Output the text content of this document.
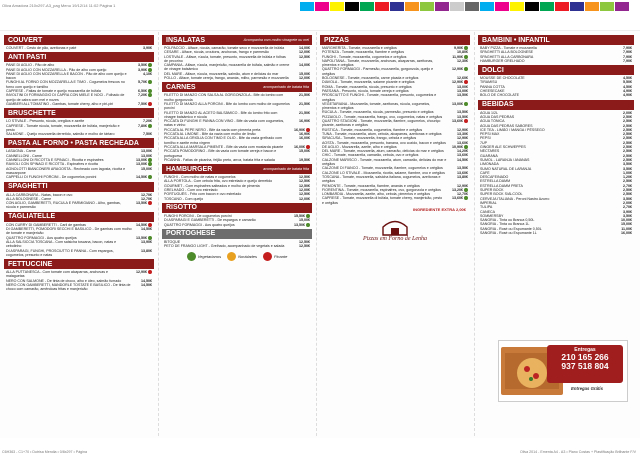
Oliva Amadora 210x297-A3_pag Menu 19/12/14 11:02 Página 1
COUVERT
COUVERT - Cesto de pão, azeitonas e paté	3,90€
ANTI PASTI
PANE DI AGLIO - Pão de alho	3,50€
PANE DI AGLIO CON MOZZARELLA - Pão de alho com queijo	3,90€
PANE DI AGLIO CON MOZZARELLA E BACON - Pão de alho com queijo e bacon
4,10€
FUNGHI AL FORNO CON MOZZARELLA E TIMO - Cogumelos frescos no forno com queijo e tomilho
5,70€
CAPRESE - Fatias de tomate e queijo mozzarella de búfala	6,50€
INVOLTINI DI FORMAGGIO DI CAPRA CON MIELE E NOCI - Folhado de queijo de cabra com mel e nozes
7,20€
GAMBERI ALL'TOMATINO - Gambas, tomate cherry, alho e piri-piri	7,50€
BRUSCHETTE
LO STIVALE - Presunto, rúcula, oregãos e azeite	7,20€
CAPRESE - Tomate rúcula, tomate, mozzarella de búfala, manjericão e pesto
7,80€
SALMONE - Queijo mozzarella derretido, salmão e molho de tártaro	7,50€
PASTA AL FORNO • PASTA RECHEADA
LASAGNA - Carne	13,00€
CANNELLONI - Carne	13,00€
CANNELLONI DI RICOTTA E SPINACI - Ricotta e espinafres	13,00€
RAVIOLI CON SPINACI E RICOTTA - Espinafres e ricotta	13,00€
AGNOLOTTI BIANCONERI ARAGOSTA - Recheado com lagosta, ricotta e mascarpone
15,00€
CAPPELLI DI FUNGHI PORCINI - De cogumelos porcini	14,50€
SPAGHETTI
ALLA CARBONARA - Natas, bacon e ovo	12,70€
ALLA BOLOGNESE - Carne	12,70€
CON AGLIO, GAMBERETTI, RUCULA E PARMIGIANO - Alho, gambas, rúcula e parmesão
13,50€
TAGLIATELLE
CON CURRY DI GAMBERETTI - Caril de gambas	14,50€
DI GAMBERETTI, POMODORI SECCHI E BASILICO - De gambas com molho de tomate e manjericão
14,50€
QUATTRO FORMAGGI - Aos quatro queijos	13,50€
ALLA SALSICCIA TOSCANA - Com salsicha toscana, bacon, natas e cebolinho
13,90€
DI ASPARAGI, FUNGHI, PROSCIUTTO E PANNA - Com espargos, cogumelos, presunto e natas
13,80€
FETTUCCINE
ALLA PUTTANESCA - Com tomate com alcaparras, anchovas e malaguetas
12,90€
NERO CON SALMONE - De tinta de choco, alho e óleo, salmão fumado	14,50€
NERO CON GAMBERETTI, MANDORLE TOSTATE E BASILICO - De tinta de choco com camarão, amêndoas fritas e manjericão
14,50€
INSALATAS	Acompanha com molho vinagrete ou mel
POLPACCIO - Alface, rúcula, camarão, tomate seco e mozzarella de búfala	14,00€
CESARE - Alface, rúcula, croutons, anchovas, frango e parmesão	12,00€
LOSTIVALE - Alface, rúcula, tomate, presunto, mozzarella de búfala e folhas de pecorino
12,50€
CAMPANIA - Alface, rúcula, manjericão, mozzarella de búfala, salmão e creme de vinagre balsâmico
14,00€
DEL MARE - Alface, rúcula, mozzarella, salmão, atum e delícias do mar	15,00€
POLLO - Alface, tomate cereja, frango, ananás, milho, parmesão e mozzarella	12,00€
CARNES	acompanhado de batata frita
FILETTO DI MANZO CON SALSA AL GORGONZOLA - Bife do lombo com molho gorgonzola
21,50€
FILETTO DI MANZO ALLA PORCINI - Bife do lombo com molho de cogumelos porcini
21,50€
FILETTO DI MANZO AL ACETO BALSÂMICO - Bife do lombo frito com vinagre balsâmico e rúcula
21,50€
PICCATA DI FUNGHI E PANNA CON VINO - Bife da vazia com cogumelos, natas e vinho
16,90€
PICCATA AL PEPE NERO - Bife da vazia com pimenta preta	16,90€
PICCATA AL LIMONE - Bife da vazia com molho de limão	16,90€
PICCATA ALLA GRIGLIA CON TIMO E OLIO - Bife da vazia grelhado com tomilho e azeite extra virgem
16,00€
PICCATA ALLA MARSALA PIMENTE - Bife da vazia com mostarda picante	16,00€
PICCATA POMODORINO - Bife da vazia com tomate cereja e bacon e portuguesa
15,00€
PICANHA - Fatias de picanha, feijão preto, arroz, batata frita e salada	19,50€
HAMBURGER	acompanhado de batata frita
FUNGHI - Com molho de natas e cogumelos	12,50€
ALLA PORTOLA - Com cebola frita, ovo estrelado e queijo derretido	12,50€
GOURMET - Com espinafres salteados e molho de pimenta	12,50€
GRELHADO - Com ovo estrelado	12,00€
PORTUGUÊS - Frito com bacon e ovo estrelado	12,50€
TOSCANO - Com queijo	12,00€
RISOTTO
FUNGHI PORCINI - De cogumelos porcini	15,50€
DI ASPARAGI E GAMBERETTI - De espargos e camarão	15,00€
QUATTRO FORMAGGI - Aos quatro queijos	13,50€
PORTOGHESE
BITOQUE	12,50€
PETO DE FRANGO LIGHT - Grelhado, acompanhado de vegetais e salada	12,50€
Vegetarianos	Novidades	Picante
PIZZAS
MARGHERITA - Tomate, mozzarella e orégãos	9,90€
POTENZA - Tomate, mozzarella, fiambre e orégãos	10,80€
FUNGHI - Tomate, mozzarella, cogumelos e orégãos	11,90€
NAPOLITANA - Tomate, mozzarella, anchovas, alcaparras, azeitonas, pimentos e orégãos
12,30€
QUATTRO FORMAGGI - Parmesão, mozzarella, gorgonzola, queijo e orégãos
12,90€
BOLOGNESE - Tomate, mozzarella, carne picada e orégãos	12,60€
DIAVOLA - Tomate, mozzarella, salame picante e orégãos	12,90€
ROMA - Tomate, mozzarella, rúcula, presunto e orégãos	13,00€
PAESANA - Presunto, rúcula, tomate cereja e orégãos	13,00€
PROSCIUTTO E FUNGHI - Tomate, mozzarella, presunto, cogumelos e orégãos
13,50€
VEGETARIANA - Mozzarella, tomate, azeitonas, rúcula, cogumelos, pimentos e orégãos
13,00€
RÚCULA - Tomate, mozzarella, rúcula, parmesão, presunto e orégãos	13,50€
PIZZAIOLO - Tomate, mozzarella, frango, ovo, cogumelos, natas e orégãos	13,50€
QUATTRO STAGIONI - Tomate, mozzarella, fiambre, cogumelos, chouriço picante, azeitonas e orégãos
13,60€
RÚSTICA - Tomate, mozzarella, cogumelos, fiambre e orégãos	12,90€
TUNA - Tomate, mozzarella, atum, cebola, alcaparras, azeitonas e orégãos	13,30€
SIRACUSA - Tomate, mozzarella, frango, cebola e orégãos	12,90€
AOSTA - Tomate, mozzarella, presunto, banana, ovo cozido, bacon e orégãos	13,60€
DE AGLIO - Mozzarella, azeite, alho e orégãos	10,90€
DEL MARE - Tomate, mozzarella, atum, camarão, delícias do mar e orégãos	14,20€
CHIC - Tomate, mozzarella, camarão, cebola, ovo e orégãos	13,60€
CALZONE MARISCO - Tomate, mozzarella, atum, camarão, delícias do mar e orégãos
14,50€
CALZONE DI FIANCO - Tomate, mozzarella, fiambre, cogumelos e orégãos	13,50€
CALZONE LO STIVALE - Mozzarella, ricotta, salame, fiambre, ovo e orégãos	13,60€
TOSCANA - Tomate, mozzarella, salsicha italiana, cogumelos, azeitonas e orégãos
13,80€
PIEMONTE - Tomate, mozzarella, fiambre, ananás e orégãos	12,90€
FIORENTINA - Tomate, mozzarella, espinafres, ovo, gorgonzola e orégãos	13,20€
LOMBARDIA - Mozzarella, azeite, alho, cebola, pimentos e orégãos	12,70€
CAPRESE - Tomate, mozzarella di búfala, tomate cherry, manjericão, pesto e orégãos
13,60€
INGREDIENTE EXTRA 2,00€
Pizzas em Forno de Lenha
BAMBINI • INFANTIL
BABY PIZZA - Tomate e mozzarella	7,90€
SPAGHETTI ALLA BOLOGNESE	7,90€
SPAGHETTI ALLA CARBONARA	7,90€
HAMBURGER GRELHADO	7,90€
DOLCI
MOUSSE DE CHOCOLATE	4,50€
TIRAMISÚ	5,50€
PANNA COTTA	4,50€
CHEESECAKE	4,90€
BOLO DE CHOCOLATE	4,90€
BEBIDAS
ÁGUA 1/2L	2,00€
ÁGUA DAS PEDRAS	2,50€
ÁGUA TÓNICA	2,50€
ÁGUA DAS PEDRAS SABORES	2,50€
ICE TEA - LIMÃO / MANGA / PÊSSEGO	2,50€
PEPSI MAX	2,50€
PEPSI	2,50€
7UP	2,50€
GINGER ALE SCHWEPPES	2,50€
NÉCTARES	2,50€
GUARANÁ	2,50€
SUMOL - LARANJA / ANANÁS	2,50€
LIMONADA	3,50€
SUMO NATURAL DE LARANJA	3,50€
CAFÉ	1,00€
DESCAFEINADO	1,20€
ESTRELLA DAMM	2,50€
ESTRELLA DAMM PRETA	2,70€
SUPER BOCK	2,50€
SUPER BOCK S/ÁLCOOL	2,50€
CERVEJA ITALIANA - Peroni Nastro Azurro	3,50€
IMPERIAL	2,00€
TULIPA	2,70€
CANECA	3,90€
SOMMERSBY	3,50€
SANGRIA - Tinta ou Branca 0,50L	10,00€
SANGRIA - Tinta ou Branca 1L	15,00€
SANGRIA - Rosé ou Espumante 0,50L	11,00€
SANGRIA - Rosé ou Espumante 1L	16,00€
Entregas
210 165 266
937 518 804
Entregas Grátis
C6H363 - C1+70 • Dutrisa Mendia • 0/8x297 • Página	Oliva 2014 - Ementa A4 - A3 • Plano Costas + Plastificação Brilhante F/V
